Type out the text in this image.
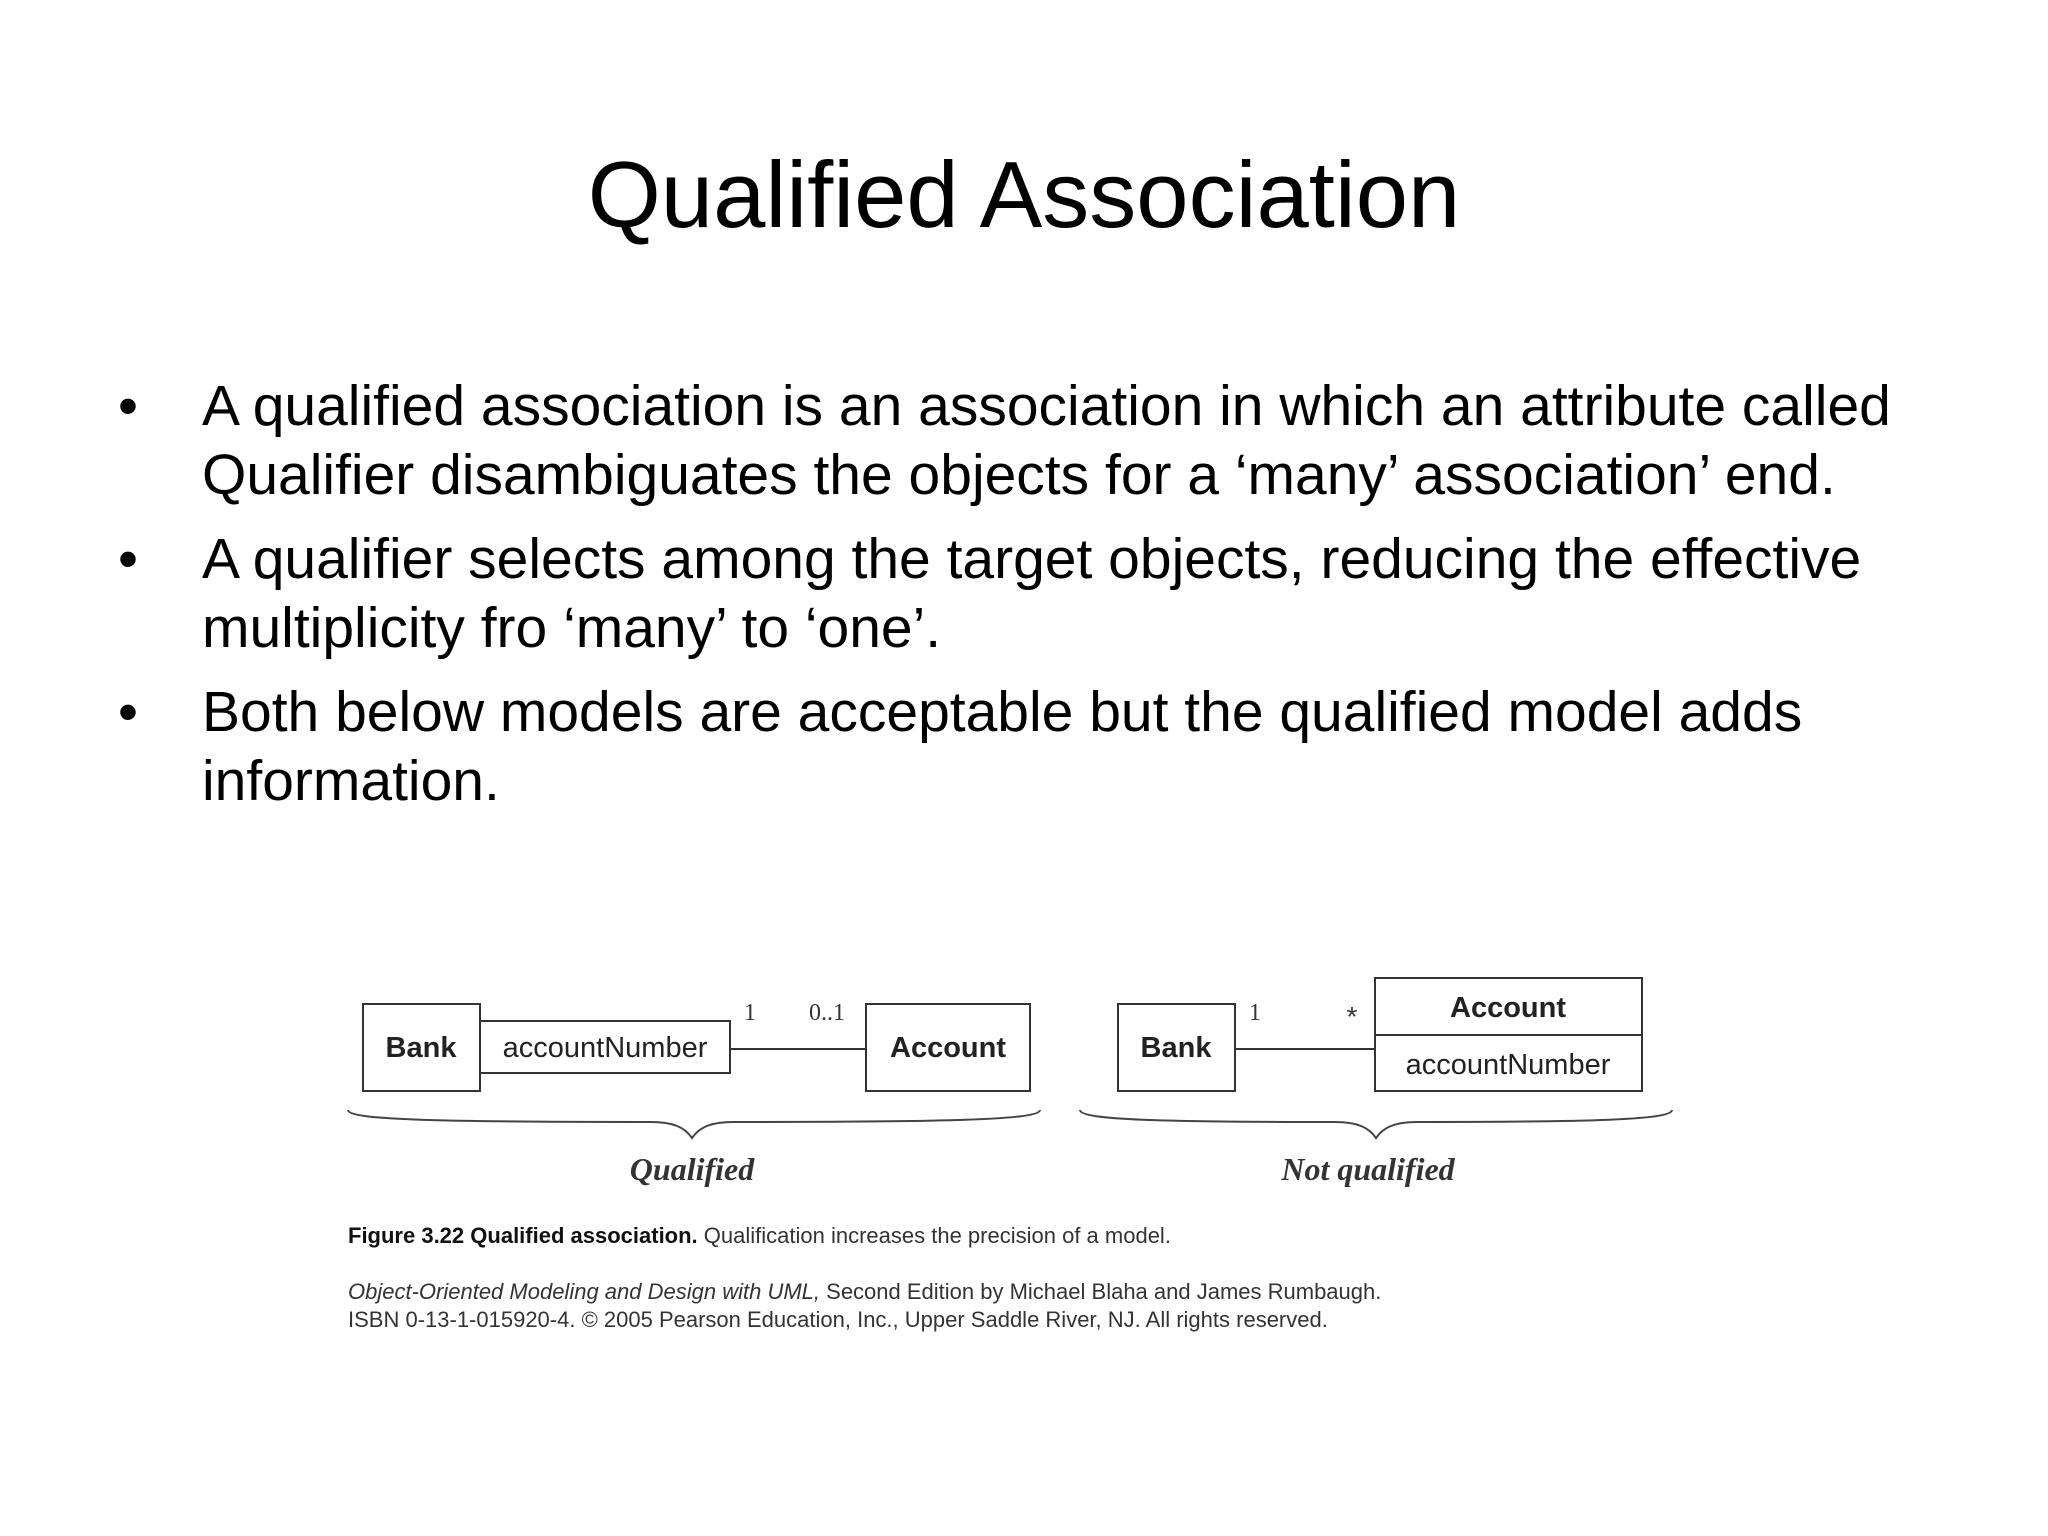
Qualified Association
•	A qualified association is an association in which an attribute called
Qualifier disambiguates the objects for a ‘many’ association’ end.
•	A qualifier selects among the target objects, reducing the effective
multiplicity fro ‘many’ to ‘one’.
•	Both below models are acceptable but the qualified model adds
information.
Bank accountNumber
1 0..1
Account
Qualified
Bank
1	*	Account
accountNumber
Not qualified
Figure 3.22 Qualified association. Qualification increases the precision of a model.
Object-Oriented Modeling and Design with UML, Second Edition by Michael Blaha and James Rumbaugh.
ISBN 0-13-1-015920-4. © 2005 Pearson Education, Inc., Upper Saddle River, NJ. All rights reserved.
